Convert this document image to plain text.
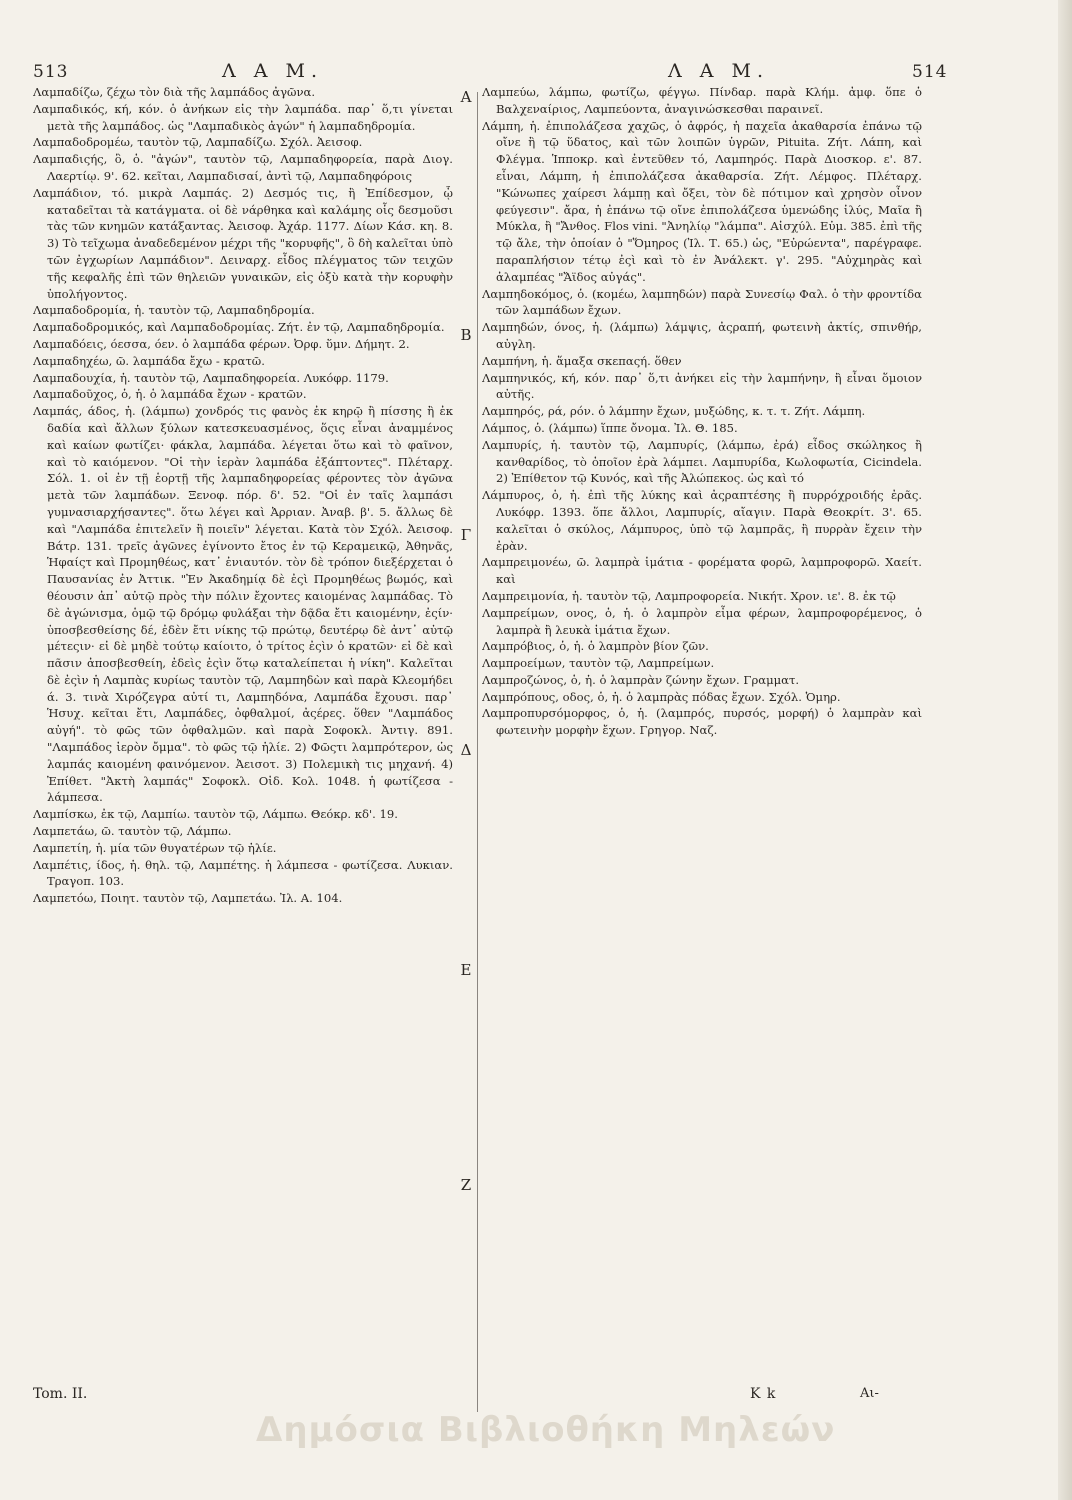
513	Λ Α Μ.	Λ Α Μ.	514

Λαμπαδίζω, ζέχω τὸν διὰ τῆς λαμπάδος ἀγῶνα.

Λαμπαδικός, κή, κόν. ὁ ἀνήκων εἰς τὴν λαμπάδα. παρ᾽ ὅ,τι γίνεται μετὰ τῆς λαμπάδος. ὡς "Λαμπαδικὸς ἀγών" ἡ λαμπαδηδρομία.

Λαμπαδοδρομέω, ταυτὸν τῷ, Λαμπαδίζω. Σχόλ. Ἀεισοφ.

Λαμπαδιςής, ὃ, ὁ. "ἀγών", ταυτὸν τῷ, Λαμπαδηφορεία, παρὰ Διογ. Λαερτίῳ. 9'. 62. κεῖται, Λαμπαδισαί, ἀντὶ τῷ, Λαμπαδηφόροις

Λαμπάδιον, τό. μικρὰ Λαμπάς. 2) Δεσμός τις, ἢ Ἐπίδεσμον, ᾧ καταδεῖται τὰ κατάγματα. οἱ δὲ νάρθηκα καὶ καλάμης οἷς δεσμοῦσι τὰς τῶν κνημῶν κατάξαντας. Ἀεισοφ. Ἀχάρ. 1177. Δίων Κάσ. κη. 8. 3) Τὸ τεῖχωμα ἀναδεδεμένον μέχρι τῆς "κορυφῆς", ὃ δὴ καλεῖται ὑπὸ τῶν ἐγχωρίων Λαμπάδιον". Δειναρχ. εἶδος πλέγματος τῶν τειχῶν τῆς κεφαλῆς ἐπὶ τῶν θηλειῶν γυναικῶν, εἰς ὀξὺ κατὰ τὴν κορυφὴν ὑπολήγοντος.

Λαμπαδοδρομία, ἡ. ταυτὸν τῷ, Λαμπαδηδρομία.

Λαμπαδοδρομικός, καὶ Λαμπαδοδρομίας. Ζήτ. ἐν τῷ, Λαμπαδηδρομία.

Λαμπαδόεις, όεσσα, όεν. ὁ λαμπάδα φέρων. Ὀρφ. ὕμν. Δήμητ. 2.

Λαμπαδηχέω, ῶ. λαμπάδα ἔχω - κρατῶ.

Λαμπαδουχία, ἡ. ταυτὸν τῷ, Λαμπαδηφορεία. Λυκόφρ. 1179.

Λαμπαδοῦχος, ὁ, ἡ. ὁ λαμπάδα ἔχων - κρατῶν.

Λαμπάς, άδος, ἡ. (λάμπω) χονδρός τις φανὸς ἐκ κηρῷ ἢ πίσσης ἢ ἐκ δαδία καὶ ἄλλων ξύλων κατεσκευασμένος, ὅςις εἶναι ἀναμμένος καὶ καίων φωτίζει· φάκλα, λαμπάδα. λέγεται ὅτω καὶ τὸ φαῖνον, καὶ τὸ καιόμενον. "Οἱ τὴν ἱερὰν λαμπάδα ἐξάπτοντες". Πλέταρχ. Σόλ. 1. οἱ ἐν τῇ ἑορτῇ τῆς λαμπαδηφορείας φέροντες τὸν ἀγῶνα μετὰ τῶν λαμπάδων. Ξενοφ. πόρ. δ'. 52. "Οἱ ἐν ταῖς λαμπάσι γυμνασιαρχήσαντες". ὅτω λέγει καὶ Ἀρριαν. Ἀναβ. β'. 5. ἄλλως δὲ καὶ "Λαμπάδα ἐπιτελεῖν ἢ ποιεῖν" λέγεται. Κατὰ τὸν Σχόλ. Ἀεισοφ. Βάτρ. 131. τρεῖς ἀγῶνες ἐγίνοντο ἔτος ἐν τῷ Κεραμεικῷ, Ἀθηνᾶς, Ἡφαίςτ καὶ Προμηθέως, κατ᾽ ἐνιαυτόν. τὸν δὲ τρόπον διεξέρχεται ὁ Παυσανίας ἐν Ἀττικ. "Ἐν Ἀκαδημίᾳ δὲ ἐςὶ Προμηθέως βωμός, καὶ θέουσιν ἀπ᾽ αὐτῷ πρὸς τὴν πόλιν ἔχοντες καιομένας λαμπάδας. Τὸ δὲ ἀγώνισμα, ὁμῷ τῷ δρόμῳ φυλάξαι τὴν δᾷδα ἔτι καιομένην, ἐςίν· ὑποσβεσθείσης δέ, ἐδὲν ἔτι νίκης τῷ πρώτῳ, δευτέρῳ δὲ ἀντ᾽ αὐτῷ μέτεςιν· εἰ δὲ μηδὲ τούτῳ καίοιτο, ὁ τρίτος ἐςὶν ὁ κρατῶν· εἰ δὲ καὶ πᾶσιν ἀποσβεσθείη, ἐδεὶς ἐςὶν ὅτῳ καταλείπεται ἡ νίκη". Καλεῖται δὲ ἐςὶν ἡ Λαμπὰς κυρίως ταυτὸν τῷ, Λαμπηδὼν καὶ παρὰ Κλεομήδει ά. 3. τινὰ Χιρόζεγρα αὐτί τι, Λαμπηδόνα, Λαμπάδα ἔχουσι. παρ᾽ Ἡσυχ. κεῖται ἔτι, Λαμπάδες, ὀφθαλμοί, ἀςέρες. ὅθεν "Λαμπάδος αὐγή". τὸ φῶς τῶν ὀφθαλμῶν. καὶ παρὰ Σοφοκλ. Ἀντιγ. 891. "Λαμπάδος ἱερὸν ὄμμα". τὸ φῶς τῷ ἡλίε. 2) Φῶςτι λαμπρότερον, ὡς λαμπάς καιομένη φαινόμενον. Ἀεισοτ. 3) Πολεμικὴ τις μηχανή. 4) Ἐπίθετ. "Ἀκτὴ λαμπάς" Σοφοκλ. Οἰδ. Κολ. 1048. ἡ φωτίζεσα - λάμπεσα.

Λαμπίσκω, ἐκ τῷ, Λαμπίω. ταυτὸν τῷ, Λάμπω. Θεόκρ. κδ'. 19.

Λαμπετάω, ῶ. ταυτὸν τῷ, Λάμπω.

Λαμπετίη, ἡ. μία τῶν θυγατέρων τῷ ἡλίε.

Λαμπέτις, ίδος, ἡ. θηλ. τῷ, Λαμπέτης. ἡ λάμπεσα - φωτίζεσα. Λυκιαν. Τραγοπ. 103.

Λαμπετόω, Ποιητ. ταυτὸν τῷ, Λαμπετάω. Ἰλ. Α. 104.

A
B
Γ
Δ
E
Z

Λαμπεύω, λάμπω, φωτίζω, φέγγω. Πίνδαρ. παρὰ Κλήμ. ἀμφ. ὅπε ὁ Βαλχεναίριος, Λαμπεύοντα, ἀναγινώσκεσθαι παραινεῖ.

Λάμπη, ἡ. ἐπιπολάζεσα χαχῶς, ὁ ἀφρός, ἡ παχεῖα ἀκαθαρσία ἐπάνω τῷ οἴνε ἢ τῷ ὕδατος, καὶ τῶν λοιπῶν ὑγρῶν, Pituita. Ζήτ. Λάπη, καὶ Φλέγμα. Ἱπποκρ. καὶ ἐντεῦθεν τό, Λαμπηρός. Παρὰ Διοσκορ. ε'. 87. εἶναι, Λάμπη, ἡ ἐπιπολάζεσα ἀκαθαρσία. Ζήτ. Λέμφος. Πλέταρχ. "Κώνωπες χαίρεσι λάμπῃ καὶ ὄξει, τὸν δὲ πότιμον καὶ χρησὸν οἶνον φεύγεσιν". ἄρα, ἡ ἐπάνω τῷ οἴνε ἐπιπολάζεσα ὑμενώδης ἰλύς, Μαῖα ἢ Μύκλα, ἢ "Ἄνθος. Flos vini. "Ἀνηλίῳ "λάμπα". Αἰσχύλ. Εὐμ. 385. ἐπὶ τῆς τῷ ἄλε, τὴν ὁποίαν ὁ "Ὅμηρος (Ἰλ. Τ. 65.) ὡς, "Εὐρώεντα", παρέγραφε. παραπλήσιον τέτῳ ἐςὶ καὶ τὸ ἐν Ἀνάλεκτ. γ'. 295. "Αὐχμηρὰς καὶ ἀλαμπέας "Ἄϊδος αὐγάς".

Λαμπηδοκόμος, ὁ. (κομέω, λαμπηδών) παρὰ Συνεσίῳ Φαλ. ὁ τὴν φροντίδα τῶν λαμπάδων ἔχων.

Λαμπηδών, όνος, ἡ. (λάμπω) λάμψις, ἀςραπή, φωτεινὴ ἀκτίς, σπινθήρ, αὐγλη.

Λαμπήνη, ἡ. ἅμαξα σκεπαςή. ὅθεν

Λαμπηνικός, κή, κόν. παρ᾽ ὅ,τι ἀνήκει εἰς τὴν λαμπήνην, ἢ εἶναι ὅμοιον αὐτῆς.

Λαμπηρός, ρά, ρόν. ὁ λάμπην ἔχων, μυξώδης, κ. τ. τ. Ζήτ. Λάμπη.

Λάμπος, ὁ. (λάμπω) ἵππε ὄνομα. Ἰλ. Θ. 185.

Λαμπυρίς, ἡ. ταυτὸν τῷ, Λαμπυρίς, (λάμπω, ἐρά) εἶδος σκώληκος ἢ κανθαρίδος, τὸ ὁποῖον ἐρὰ λάμπει. Λαμπυρίδα, Κωλοφωτία, Cicindela. 2) Ἐπίθετον τῷ Κυνός, καὶ τῆς Ἀλώπεκος. ὡς καὶ τό

Λάμπυρος, ὁ, ἡ. ἐπὶ τῆς λύκης καὶ ἀςραπτέσης ἢ πυρρόχροιδής ἐρᾶς. Λυκόφρ. 1393. ὅπε ἄλλοι, Λαμπυρίς, αἴαγιν. Παρὰ Θεοκρίτ. 3'. 65. καλεῖται ὁ σκύλος, Λάμπυρος, ὑπὸ τῷ λαμπρᾶς, ἢ πυρρὰν ἔχειν τὴν ἐρὰν.

Λαμπρειμονέω, ῶ. λαμπρὰ ἱμάτια - φορέματα φορῶ, λαμπροφορῶ. Χαείτ. καὶ

Λαμπρειμονία, ἡ. ταυτὸν τῷ, Λαμπροφορεία. Νικήτ. Χρον. ιε'. 8. ἐκ τῷ

Λαμπρείμων, ονος, ὁ, ἡ. ὁ λαμπρὸν εἷμα φέρων, λαμπροφορέμενος, ὁ λαμπρὰ ἢ λευκὰ ἱμάτια ἔχων.

Λαμπρόβιος, ὁ, ἡ. ὁ λαμπρὸν βίον ζῶν.

Λαμπροείμων, ταυτὸν τῷ, Λαμπρείμων.

Λαμπροζώνος, ὁ, ἡ. ὁ λαμπρὰν ζώνην ἔχων. Γραμματ.

Λαμπρόπους, οδος, ὁ, ἡ. ὁ λαμπρὰς πόδας ἔχων. Σχόλ. Ὁμηρ.

Λαμπροπυρσόμορφος, ὁ, ἡ. (λαμπρός, πυρσός, μορφή) ὁ λαμπρὰν καὶ φωτεινὴν μορφὴν ἔχων. Γρηγορ. Ναζ.

Tom. II.	K k	Αι-
Δημόσια Βιβλιοθήκη Μηλεών
